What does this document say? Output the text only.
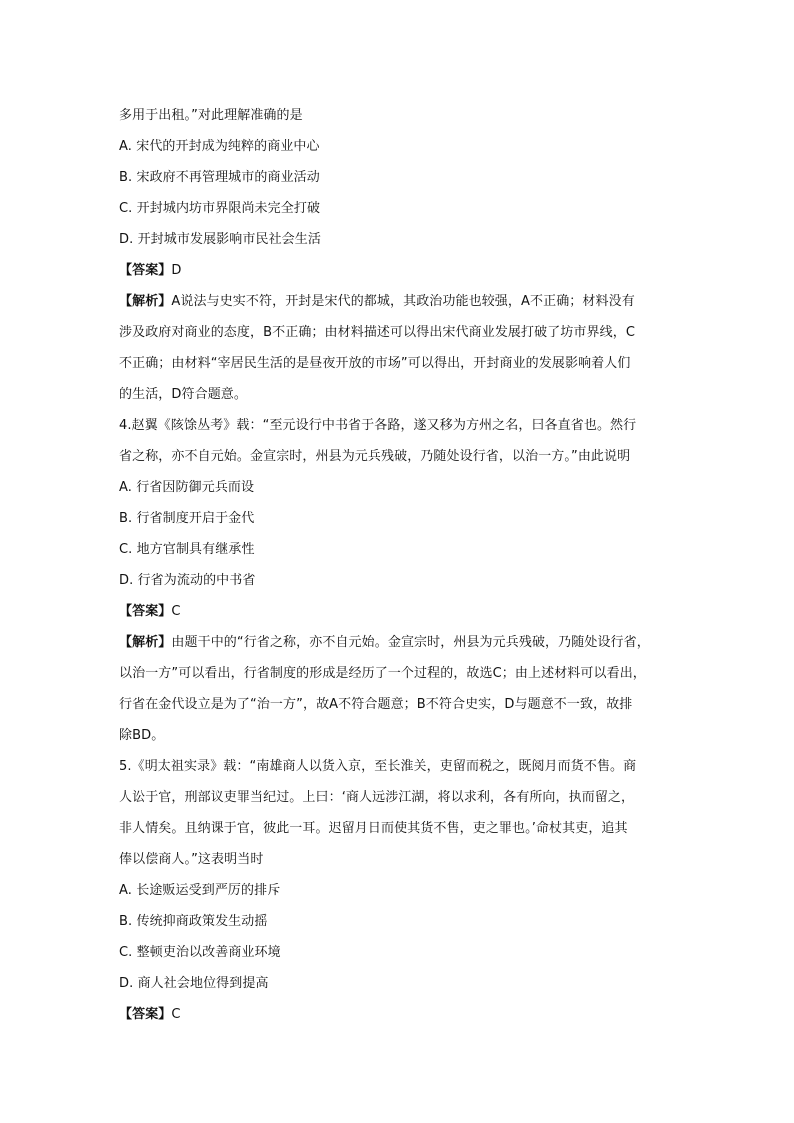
多用于出租。”对此理解准确的是
A. 宋代的开封成为纯粹的商业中心
B. 宋政府不再管理城市的商业活动
C. 开封城内坊市界限尚未完全打破
D. 开封城市发展影响市民社会生活
【答案】D
【解析】A说法与史实不符，开封是宋代的都城，其政治功能也较强，A不正确；材料没有
涉及政府对商业的态度，B不正确；由材料描述可以得出宋代商业发展打破了坊市界线，C
不正确；由材料“宰居民生活的是昼夜开放的市场”可以得出，开封商业的发展影响着人们
的生活，D符合题意。
4.赵翼《陔馀丛考》载：“至元设行中书省于各路，遂又移为方州之名，曰各直省也。然行
省之称，亦不自元始。金宣宗时，州县为元兵残破，乃随处设行省，以治一方。”由此说明
A. 行省因防御元兵而设
B. 行省制度开启于金代
C. 地方官制具有继承性
D. 行省为流动的中书省
【答案】C
【解析】由题干中的“行省之称，亦不自元始。金宣宗时，州县为元兵残破，乃随处设行省，
以治一方”可以看出，行省制度的形成是经历了一个过程的，故选C；由上述材料可以看出，
行省在金代设立是为了“治一方”，故A不符合题意；B不符合史实，D与题意不一致，故排
除BD。
5.《明太祖实录》载：“南雄商人以货入京，至长淮关，吏留而税之，既阅月而货不售。商
人讼于官，刑部议吏罪当纪过。上曰：‘商人远涉江湖，将以求利，各有所向，执而留之，
非人情矣。且纳课于官，彼此一耳。迟留月日而使其货不售，吏之罪也。’命杖其吏，追其
俸以偿商人。”这表明当时
A. 长途贩运受到严厉的排斥
B. 传统抑商政策发生动摇
C. 整顿吏治以改善商业环境
D. 商人社会地位得到提高
【答案】C
